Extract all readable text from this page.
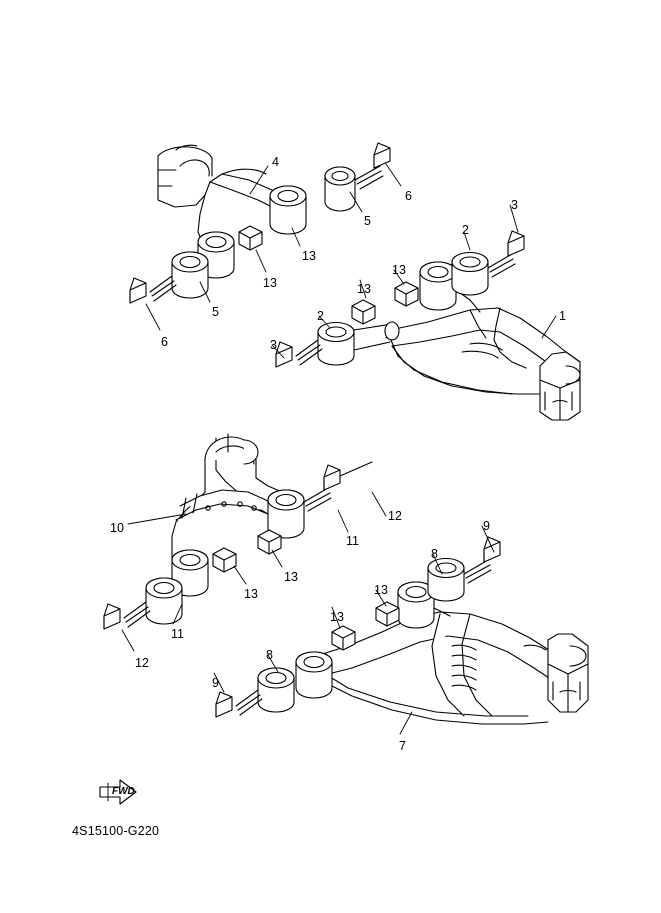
FWD
4S15100-G220
4
6
5
3
2
13
13
13
13
1
5
6
2
3
10
12
11
9
8
13
13	13
13
11
12
8
9
7
